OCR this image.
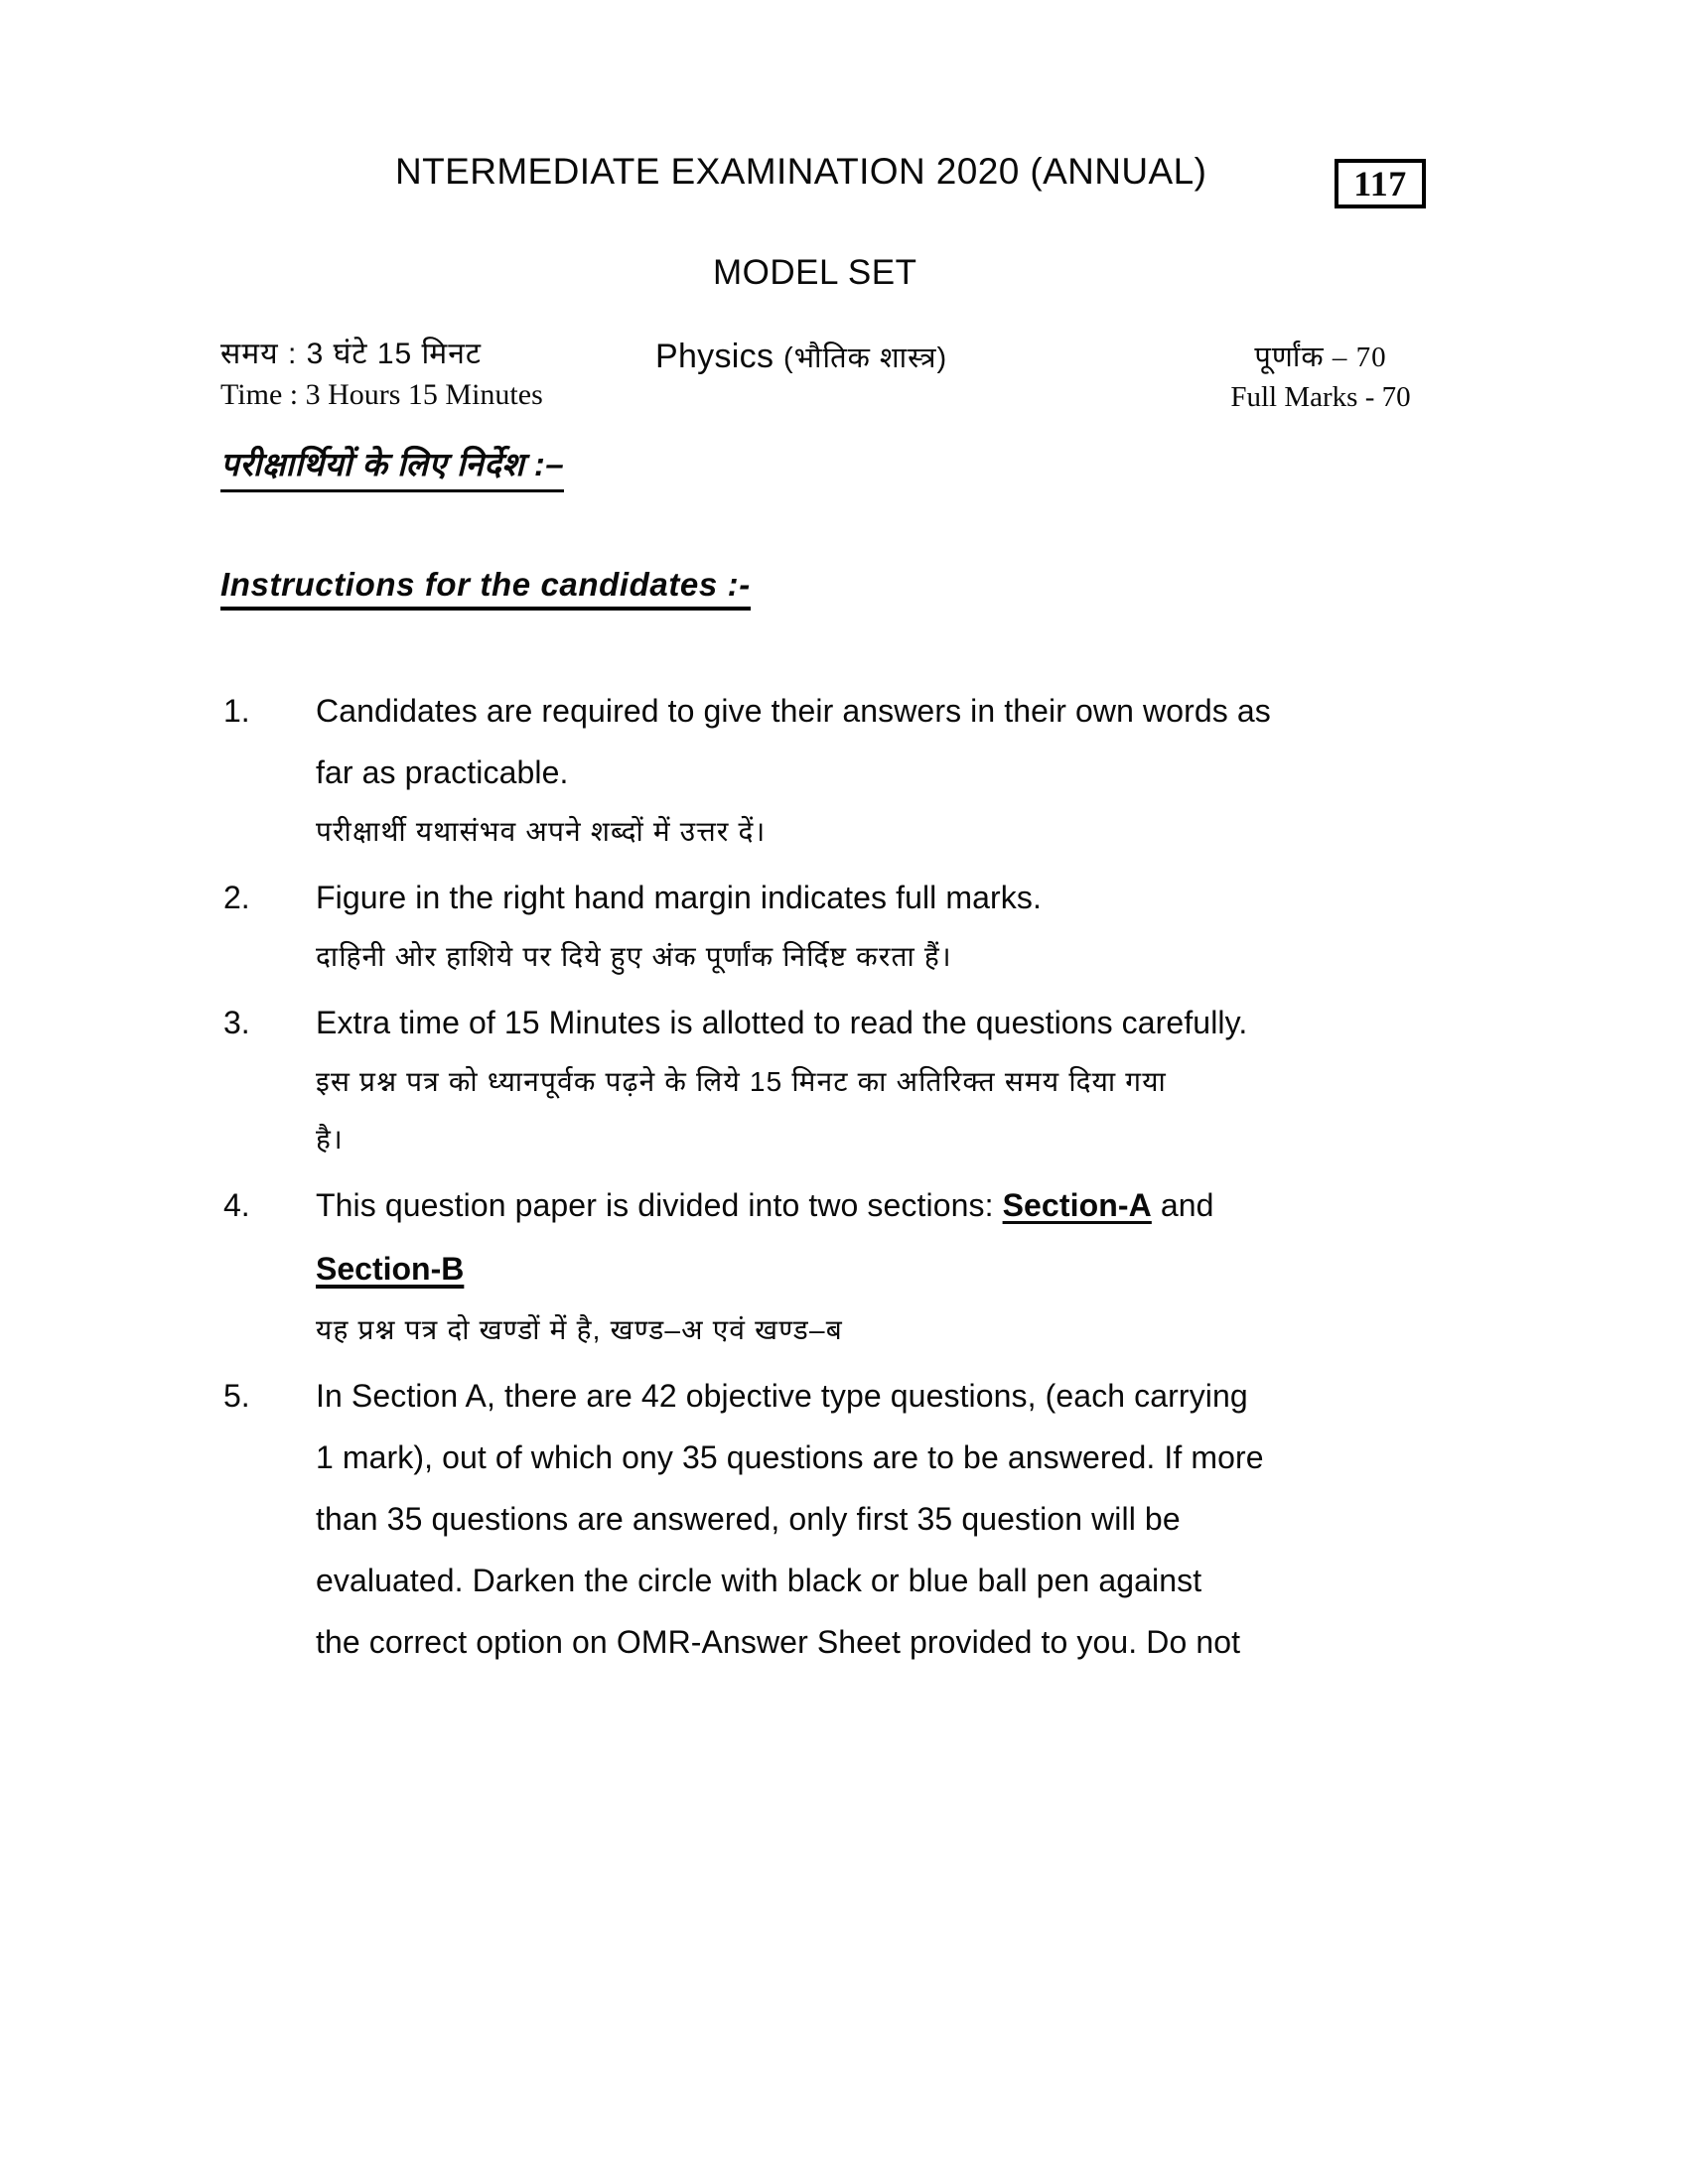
NTERMEDIATE EXAMINATION 2020 (ANNUAL)	117
MODEL SET
समय : 3 घंटे 15 मिनट
Time : 3 Hours 15 Minutes
Physics (भौतिक शास्त्र)	पूर्णांक – 70
Full Marks - 70
परीक्षार्थियों के लिए निर्देश :–
Instructions for the candidates :-
1.	Candidates are required to give their answers in their own words as
far as practicable.
परीक्षार्थी यथासंभव अपने शब्दों में उत्तर दें।
2.	Figure in the right hand margin indicates full marks.
दाहिनी ओर हाशिये पर दिये हुए अंक पूर्णांक निर्दिष्ट करता हैं।
3.	Extra time of 15 Minutes is allotted to read the questions carefully.
इस प्रश्न पत्र को ध्यानपूर्वक पढ़ने के लिये 15 मिनट का अतिरिक्त समय दिया गया
है।
4.	This question paper is divided into two sections: Section-A and
Section-B
यह प्रश्न पत्र दो खण्डों में है, खण्ड–अ एवं खण्ड–ब
5.	In Section A, there are 42 objective type questions, (each carrying
1 mark), out of which ony 35 questions are to be answered. If more
than 35 questions are answered, only first 35 question will be
evaluated. Darken the circle with black or blue ball pen against
the correct option on OMR-Answer Sheet provided to you. Do not
